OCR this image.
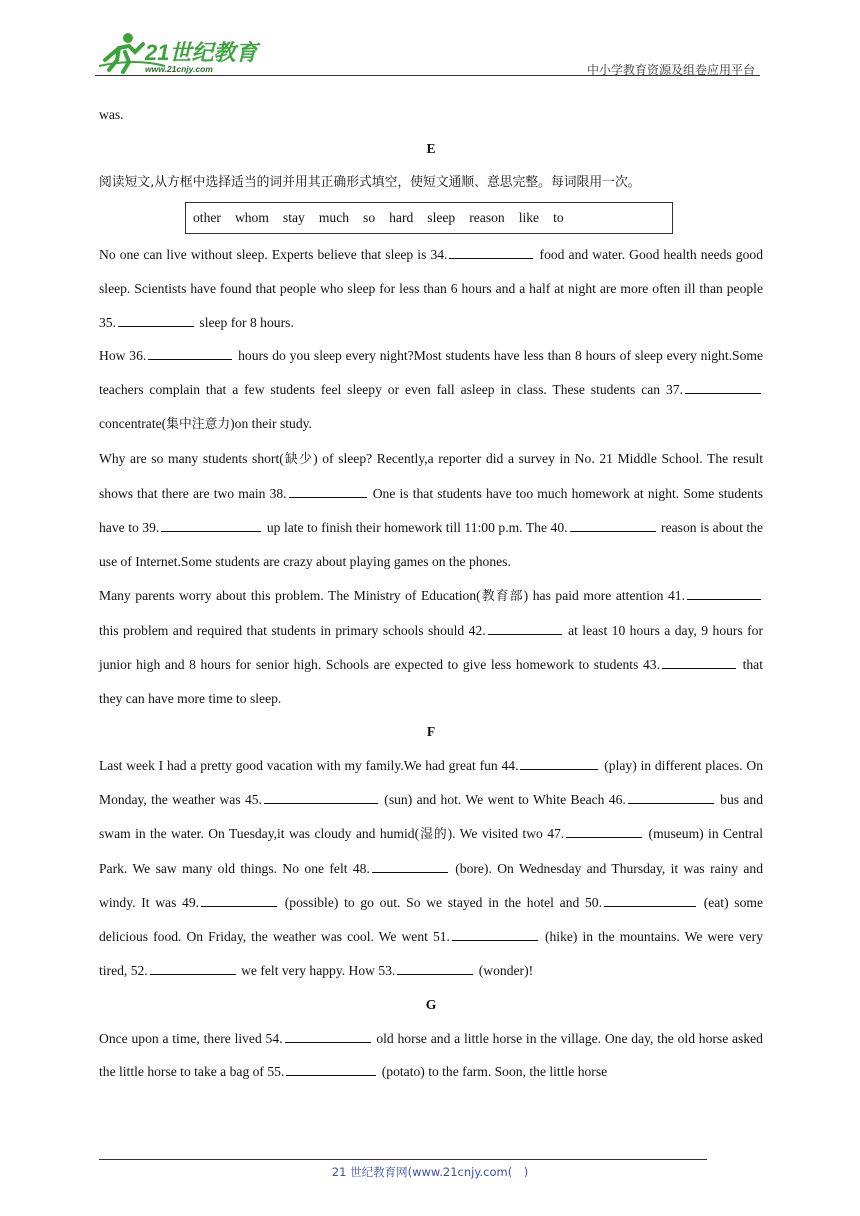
21世纪教育
www.21cnjy.com	中小学教育资源及组卷应用平台

was.

E

阅读短文,从方框中选择适当的词并用其正确形式填空，使短文通顺、意思完整。每词限用一次。

other whom stay much so hard sleep reason like to

No one can live without sleep. Experts believe that sleep is 34.	food and water. Good health needs good sleep. Scientists have found that people who sleep for less than 6 hours and a half at night are more often ill than people 35.	sleep for 8 hours.

How 36.	hours do you sleep every night?Most students have less than 8 hours of sleep every night.Some teachers complain that a few students feel sleepy or even fall asleep in class. These students can 37. concentrate(集中注意力)on their study.

Why are so many students short(缺少) of sleep? Recently,a reporter did a survey in No. 21 Middle School. The result shows that there are two main 38.	One is that students have too much homework at night. Some students have to 39.	up late to finish their homework till 11:00 p.m. The 40.	reason is about the use of Internet.Some students are crazy about playing games on the phones.

Many parents worry about this problem. The Ministry of Education(教育部) has paid more attention 41. this problem and required that students in primary schools should 42.	at least 10 hours a day, 9 hours for junior high and 8 hours for senior high. Schools are expected to give less homework to students 43.	that they can have more time to sleep.

F

Last week I had a pretty good vacation with my family.We had great fun 44.	(play) in different places. On Monday, the weather was 45.	(sun) and hot. We went to White Beach 46.	bus and swam in the water. On Tuesday,it was cloudy and humid(湿的). We visited two 47.	(museum) in Central Park. We saw many old things. No one felt 48.	(bore). On Wednesday and Thursday, it was rainy and windy. It was 49.	(possible) to go out. So we stayed in the hotel and 50.	(eat) some delicious food. On Friday, the weather was cool. We went 51.	(hike) in the mountains. We were very tired, 52.	we felt very happy. How 53.	(wonder)!

G

Once upon a time, there lived 54.	old horse and a little horse in the village. One day, the old horse asked the little horse to take a bag of 55.	(potato) to the farm. Soon, the little horse

21 世纪教育网(www.21cnjy.com(　)
